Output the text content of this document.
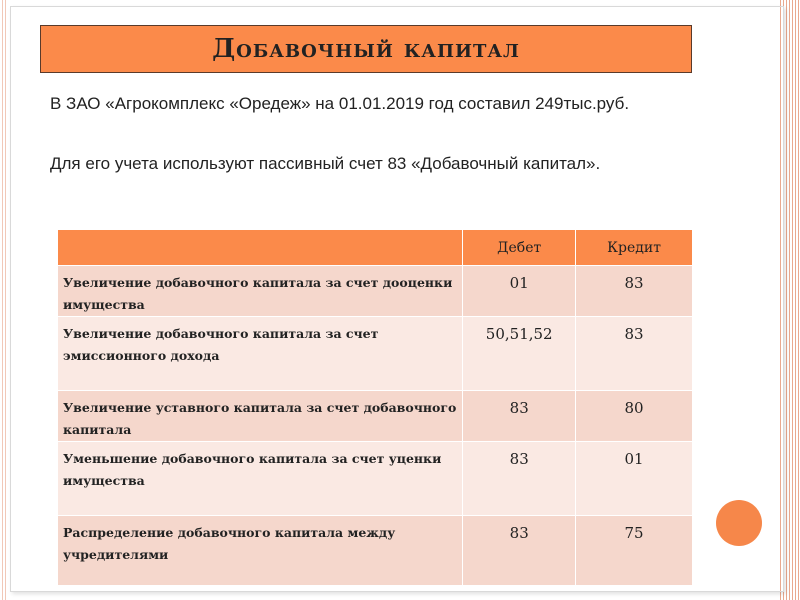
Добавочный капитал

В ЗАО «Агрокомплекс «Оредеж» на 01.01.2019 год составил 249тыс.руб.

Для его учета используют пассивный счет 83 «Добавочный капитал».

	Дебет	Кредит
Увеличение добавочного капитала за счет дооценки имущества	01	83
Увеличение добавочного капитала за счет эмиссионного дохода	50,51,52	83
Увеличение уставного капитала за счет добавочного капитала	83	80
Уменьшение добавочного капитала за счет уценки имущества	83	01
Распределение добавочного капитала между учредителями	83	75
